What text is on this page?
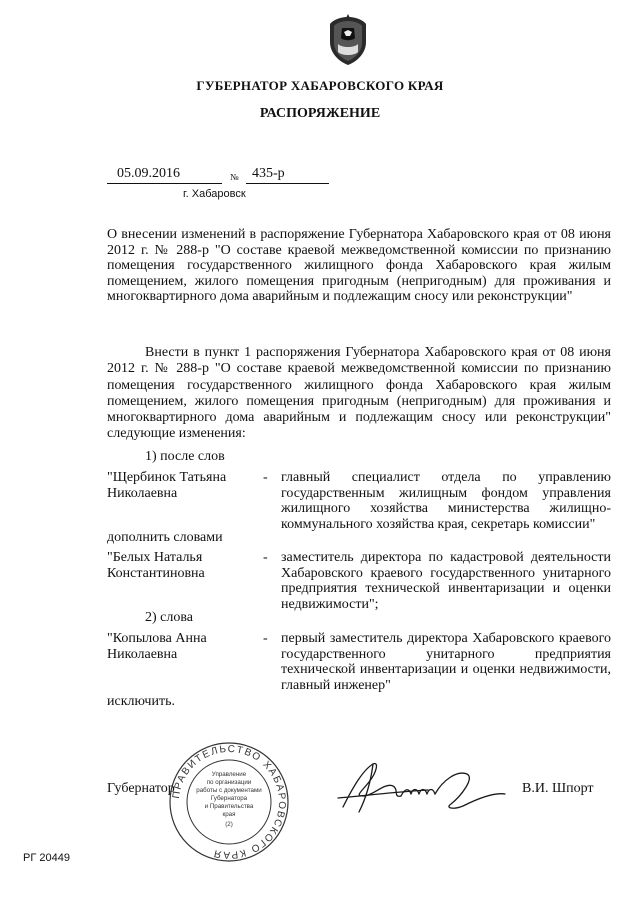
ГУБЕРНАТОР ХАБАРОВСКОГО КРАЯ
РАСПОРЯЖЕНИЕ
05.09.2016	№ 435-р
г. Хабаровск
О внесении изменений в распоряжение Губернатора Хабаровского края от 08 июня 2012 г. № 288-р "О составе краевой межведомственной комиссии по признанию помещения государственного жилищного фонда Хабаровского края жилым помещением, жилого помещения пригодным (непригодным) для проживания и многоквартирного дома аварийным и подлежащим сносу или реконструкции"
Внести в пункт 1 распоряжения Губернатора Хабаровского края от 08 июня 2012 г. № 288-р "О составе краевой межведомственной комиссии по признанию помещения государственного жилищного фонда Хабаровского края жилым помещением, жилого помещения пригодным (непригодным) для проживания и многоквартирного дома аварийным и подлежащим сносу или реконструкции" следующие изменения:
1) после слов
"Щербинок Татьяна Николаевна
- главный специалист отдела по управлению государственным жилищным фондом управления жилищного хозяйства министерства жилищно-коммунального хозяйства края, секретарь комиссии"
дополнить словами
"Белых Наталья Константиновна
- заместитель директора по кадастровой деятельности Хабаровского краевого государственного унитарного предприятия технической инвентаризации и оценки недвижимости";
2) слова
"Копылова Анна Николаевна
- первый заместитель директора Хабаровского краевого государственного унитарного предприятия технической инвентаризации и оценки недвижимости, главный инженер"
исключить.
Губернатор
ПРАВИТЕЛЬСТВО ХАБАРОВСКОГО КРАЯ
Управление
по организации
работы с документами
Губернатора
и Правительства
края
(2)
В.И. Шпорт
РГ 20449
